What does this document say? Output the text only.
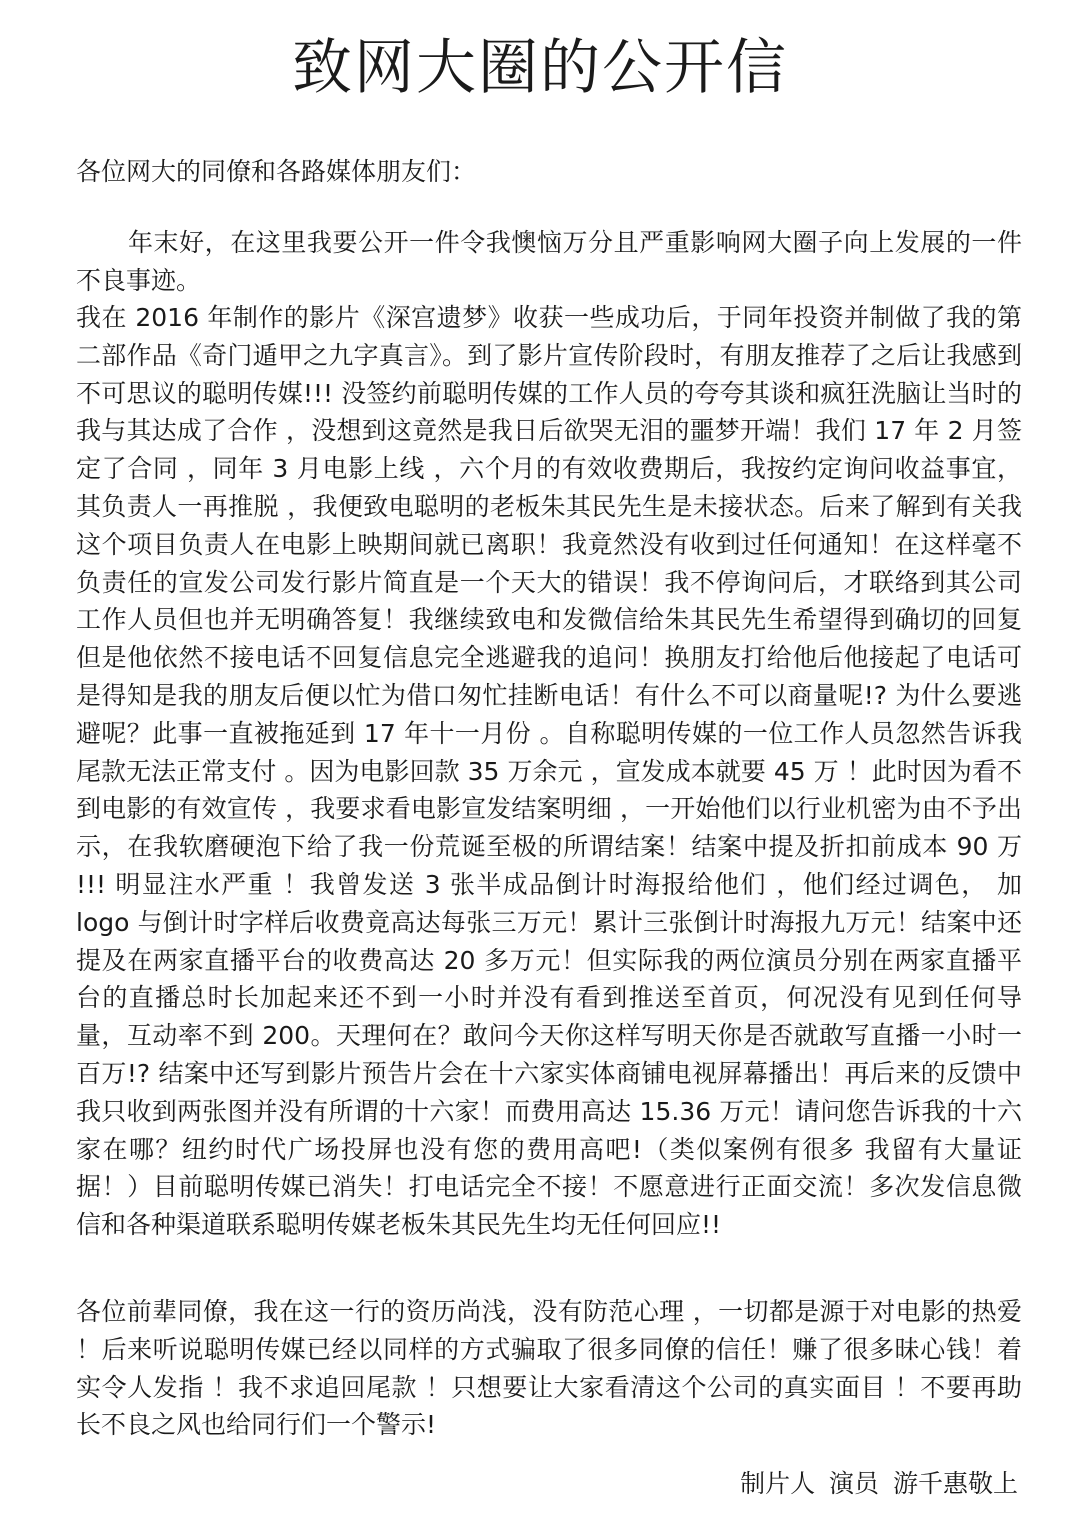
致网大圈的公开信

各位网大的同僚和各路媒体朋友们：

年末好，在这里我要公开一件令我懊恼万分且严重影响网大圈子向上发展的一件不良事迹。

我在 2016 年制作的影片《深宫遗梦》收获一些成功后，于同年投资并制做了我的第二部作品《奇门遁甲之九字真言》。到了影片宣传阶段时，有朋友推荐了之后让我感到不可思议的聪明传媒!!! 没签约前聪明传媒的工作人员的夸夸其谈和疯狂洗脑让当时的我与其达成了合作 ，没想到这竟然是我日后欲哭无泪的噩梦开端！我们 17 年 2 月签定了合同 ，同年 3 月电影上线 ，六个月的有效收费期后，我按约定询问收益事宜，其负责人一再推脱 ，我便致电聪明的老板朱其民先生是未接状态。后来了解到有关我这个项目负责人在电影上映期间就已离职！我竟然没有收到过任何通知！在这样毫不负责任的宣发公司发行影片简直是一个天大的错误！我不停询问后，才联络到其公司工作人员但也并无明确答复！我继续致电和发微信给朱其民先生希望得到确切的回复但是他依然不接电话不回复信息完全逃避我的追问！换朋友打给他后他接起了电话可是得知是我的朋友后便以忙为借口匆忙挂断电话！有什么不可以商量呢!? 为什么要逃避呢？此事一直被拖延到 17 年十一月份 。自称聪明传媒的一位工作人员忽然告诉我尾款无法正常支付 。因为电影回款 35 万余元 ，宣发成本就要 45 万 ！此时因为看不到电影的有效宣传 ，我要求看电影宣发结案明细 ，一开始他们以行业机密为由不予出示，在我软磨硬泡下给了我一份荒诞至极的所谓结案！结案中提及折扣前成本 90 万 !!! 明显注水严重 ！我曾发送 3 张半成品倒计时海报给他们 ，他们经过调色， 加 logo 与倒计时字样后收费竟高达每张三万元！累计三张倒计时海报九万元！结案中还提及在两家直播平台的收费高达 20 多万元！但实际我的两位演员分别在两家直播平台的直播总时长加起来还不到一小时并没有看到推送至首页，何况没有见到任何导量，互动率不到 200。天理何在？敢问今天你这样写明天你是否就敢写直播一小时一百万!? 结案中还写到影片预告片会在十六家实体商铺电视屏幕播出！再后来的反馈中我只收到两张图并没有所谓的十六家！而费用高达 15.36 万元！请问您告诉我的十六家在哪？纽约时代广场投屏也没有您的费用高吧!（类似案例有很多 我留有大量证据！）目前聪明传媒已消失！打电话完全不接！不愿意进行正面交流！多次发信息微信和各种渠道联系聪明传媒老板朱其民先生均无任何回应!!

各位前辈同僚，我在这一行的资历尚浅，没有防范心理 ，一切都是源于对电影的热爱 ！后来听说聪明传媒已经以同样的方式骗取了很多同僚的信任！赚了很多昧心钱！着实令人发指 ！我不求追回尾款 ！只想要让大家看清这个公司的真实面目 ！不要再助长不良之风也给同行们一个警示!

制片人 演员 游千惠敬上
